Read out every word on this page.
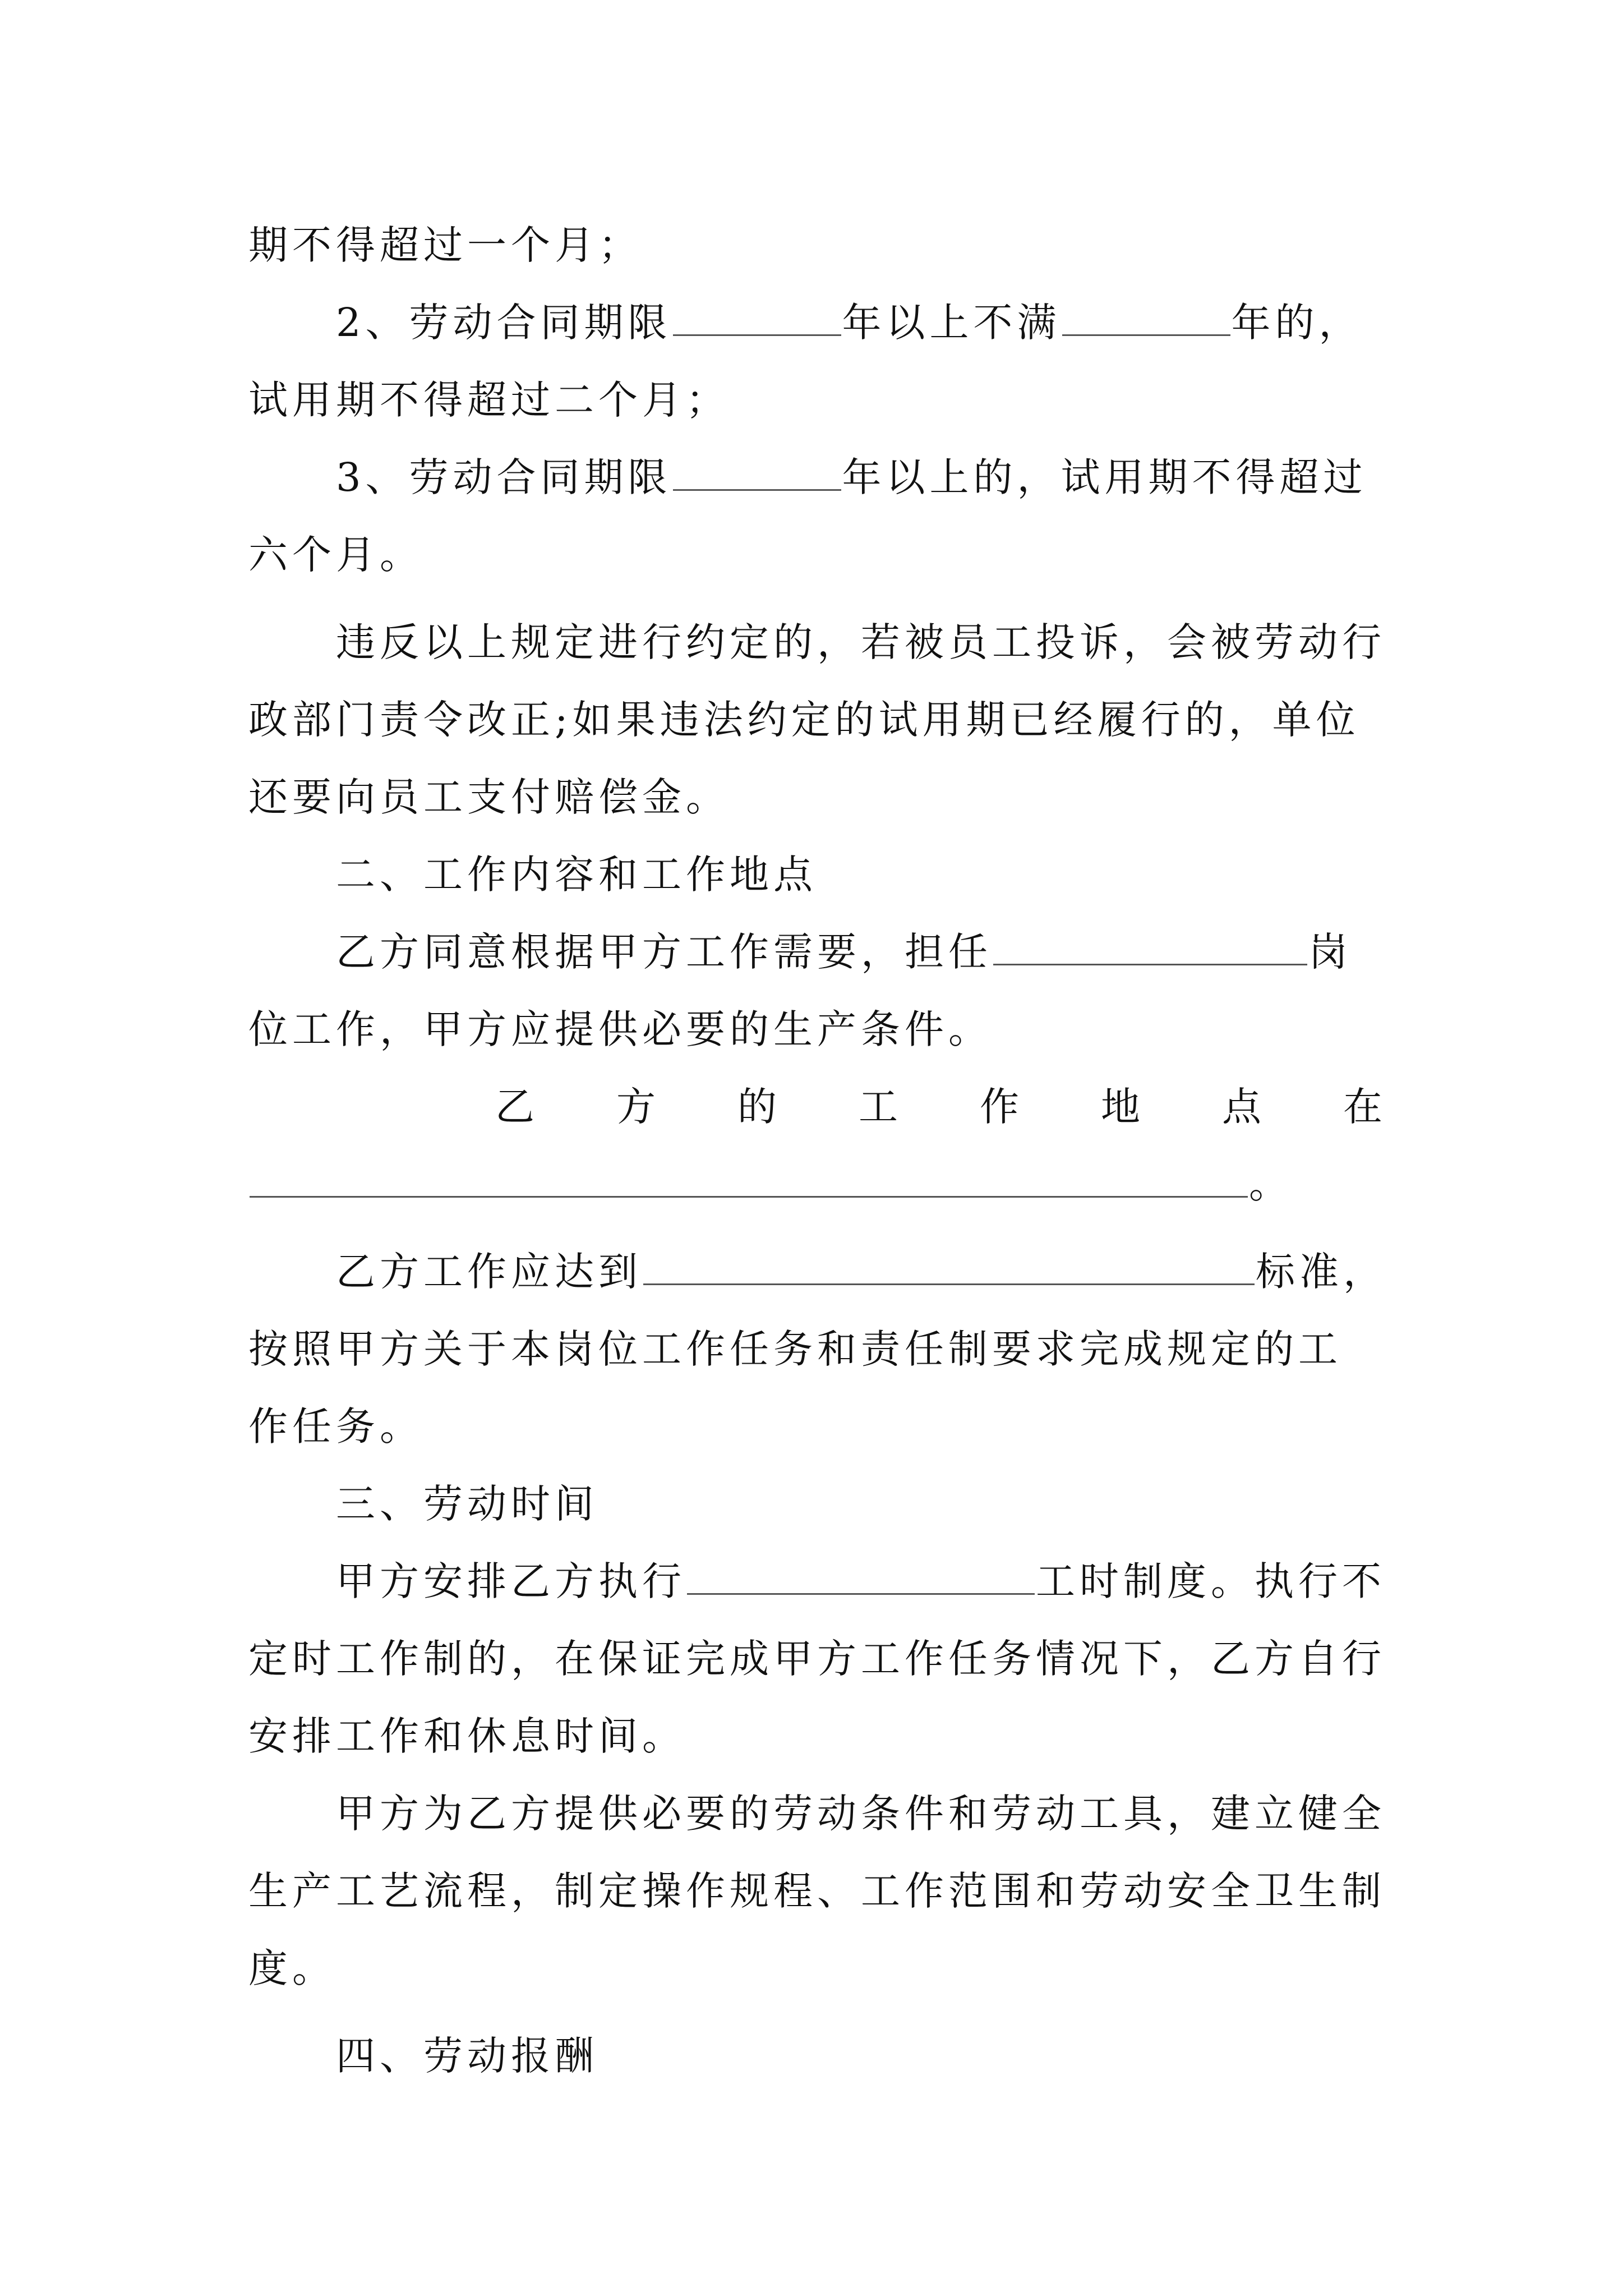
期不得超过一个月；
2、劳动合同期限	年以上不满	年的，
试用期不得超过二个月；
3、劳动合同期限	年以上的，试用期不得超过
六个月。
违反以上规定进行约定的，若被员工投诉，会被劳动行
政部门责令改正;如果违法约定的试用期已经履行的，单位
还要向员工支付赔偿金。
二、工作内容和工作地点
乙方同意根据甲方工作需要，担任	岗
位工作，甲方应提供必要的生产条件。
乙 方 的 工 作 地 点 在
。
乙方工作应达到	标准，
按照甲方关于本岗位工作任务和责任制要求完成规定的工
作任务。
三、劳动时间
甲方安排乙方执行	工时制度。执行不
定时工作制的，在保证完成甲方工作任务情况下，乙方自行
安排工作和休息时间。
甲方为乙方提供必要的劳动条件和劳动工具，建立健全
生产工艺流程，制定操作规程、工作范围和劳动安全卫生制
度。
四、劳动报酬
